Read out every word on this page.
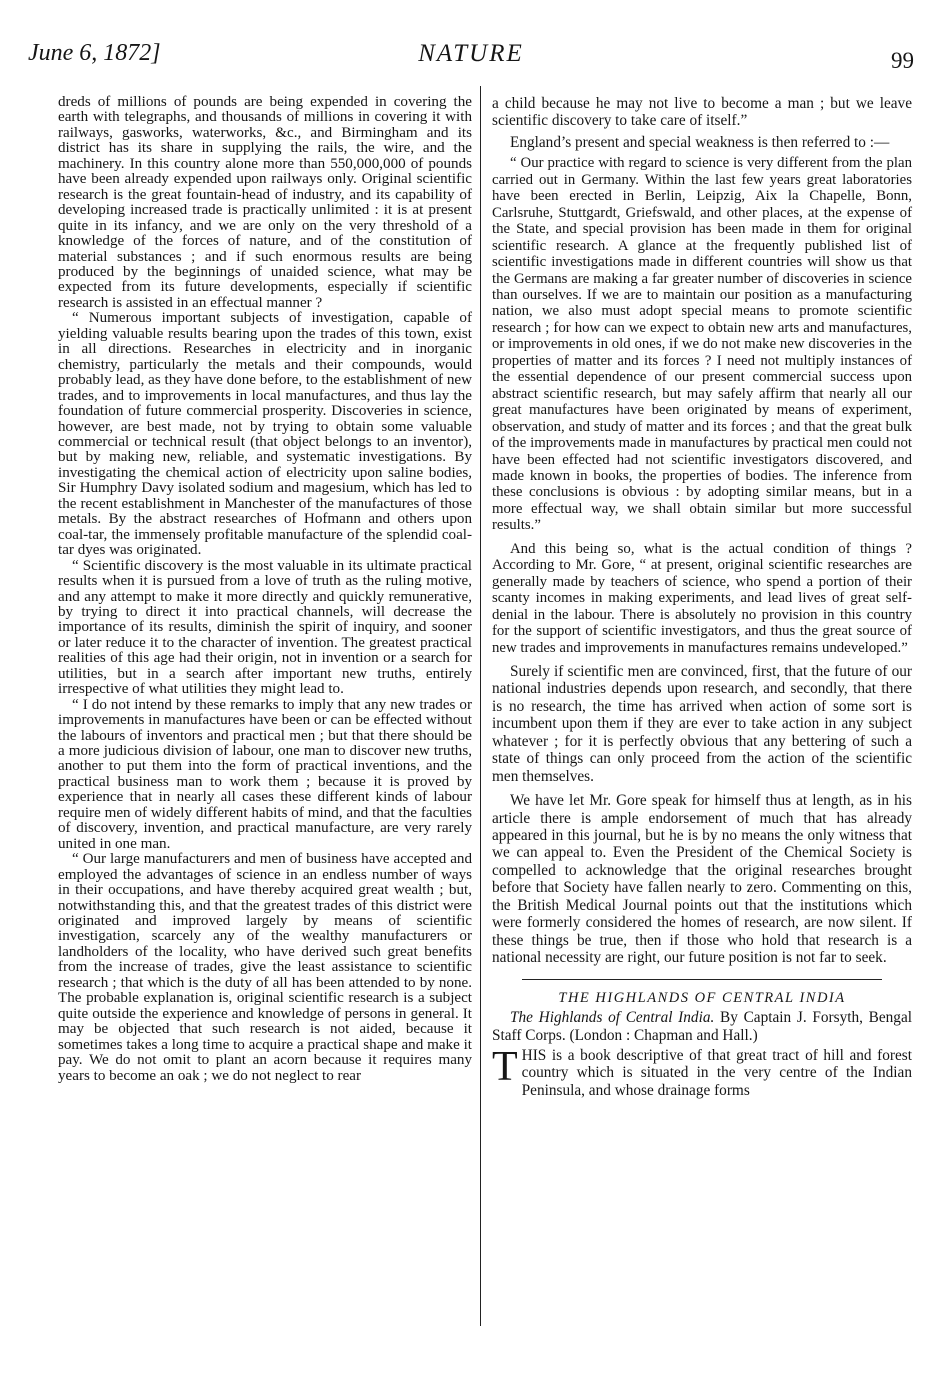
June 6, 1872]	NATURE	99

dreds of millions of pounds are being expended in covering the earth with telegraphs, and thousands of millions in covering it with railways, gasworks, waterworks, &c., and Birmingham and its district has its share in supplying the rails, the wire, and the machinery. In this country alone more than 550,000,000 of pounds have been already expended upon railways only. Original scientific research is the great fountain-head of industry, and its capability of developing increased trade is practically unlimited : it is at present quite in its infancy, and we are only on the very threshold of a knowledge of the forces of nature, and of the constitution of material substances ; and if such enormous results are being produced by the beginnings of unaided science, what may be expected from its future developments, especially if scientific research is assisted in an effectual manner ?

“ Numerous important subjects of investigation, capable of yielding valuable results bearing upon the trades of this town, exist in all directions. Researches in electricity and in inorganic chemistry, particularly the metals and their compounds, would probably lead, as they have done before, to the establishment of new trades, and to improvements in local manufactures, and thus lay the foundation of future commercial prosperity. Discoveries in science, however, are best made, not by trying to obtain some valuable commercial or technical result (that object belongs to an inventor), but by making new, reliable, and systematic investigations. By investigating the chemical action of electricity upon saline bodies, Sir Humphry Davy isolated sodium and magesium, which has led to the recent establishment in Manchester of the manufactures of those metals. By the abstract researches of Hofmann and others upon coal-tar, the immensely profitable manufacture of the splendid coal-tar dyes was originated.

“ Scientific discovery is the most valuable in its ultimate practical results when it is pursued from a love of truth as the ruling motive, and any attempt to make it more directly and quickly remunerative, by trying to direct it into practical channels, will decrease the importance of its results, diminish the spirit of inquiry, and sooner or later reduce it to the character of invention. The greatest practical realities of this age had their origin, not in invention or a search for utilities, but in a search after important new truths, entirely irrespective of what utilities they might lead to.

“ I do not intend by these remarks to imply that any new trades or improvements in manufactures have been or can be effected without the labours of inventors and practical men ; but that there should be a more judicious division of labour, one man to discover new truths, another to put them into the form of practical inventions, and the practical business man to work them ; because it is proved by experience that in nearly all cases these different kinds of labour require men of widely different habits of mind, and that the faculties of discovery, invention, and practical manufacture, are very rarely united in one man.

“ Our large manufacturers and men of business have accepted and employed the advantages of science in an endless number of ways in their occupations, and have thereby acquired great wealth ; but, notwithstanding this, and that the greatest trades of this district were originated and improved largely by means of scientific investigation, scarcely any of the wealthy manufacturers or landholders of the locality, who have derived such great benefits from the increase of trades, give the least assistance to scientific research ; that which is the duty of all has been attended to by none. The probable explanation is, original scientific research is a subject quite outside the experience and knowledge of persons in general. It may be objected that such research is not aided, because it sometimes takes a long time to acquire a practical shape and make it pay. We do not omit to plant an acorn because it requires many years to become an oak ; we do not neglect to rear

a child because he may not live to become a man ; but we leave scientific discovery to take care of itself.”

England’s present and special weakness is then referred to :—

“ Our practice with regard to science is very different from the plan carried out in Germany. Within the last few years great laboratories have been erected in Berlin, Leipzig, Aix la Chapelle, Bonn, Carlsruhe, Stuttgardt, Griefswald, and other places, at the expense of the State, and special provision has been made in them for original scientific research. A glance at the frequently published list of scientific investigations made in different countries will show us that the Germans are making a far greater number of discoveries in science than ourselves. If we are to maintain our position as a manufacturing nation, we also must adopt special means to promote scientific research ; for how can we expect to obtain new arts and manufactures, or improvements in old ones, if we do not make new discoveries in the properties of matter and its forces ? I need not multiply instances of the essential dependence of our present commercial success upon abstract scientific research, but may safely affirm that nearly all our great manufactures have been originated by means of experiment, observation, and study of matter and its forces ; and that the great bulk of the improvements made in manufactures by practical men could not have been effected had not scientific investigators discovered, and made known in books, the properties of bodies. The inference from these conclusions is obvious : by adopting similar means, but in a more effectual way, we shall obtain similar but more successful results.”

And this being so, what is the actual condition of things ? According to Mr. Gore, “ at present, original scientific researches are generally made by teachers of science, who spend a portion of their scanty incomes in making experiments, and lead lives of great self-denial in the labour. There is absolutely no provision in this country for the support of scientific investigators, and thus the great source of new trades and improvements in manufactures remains undeveloped.”

Surely if scientific men are convinced, first, that the future of our national industries depends upon research, and secondly, that there is no research, the time has arrived when action of some sort is incumbent upon them if they are ever to take action in any subject whatever ; for it is perfectly obvious that any bettering of such a state of things can only proceed from the action of the scientific men themselves.

We have let Mr. Gore speak for himself thus at length, as in his article there is ample endorsement of much that has already appeared in this journal, but he is by no means the only witness that we can appeal to. Even the President of the Chemical Society is compelled to acknowledge that the original researches brought before that Society have fallen nearly to zero. Commenting on this, the British Medical Journal points out that the institutions which were formerly considered the homes of research, are now silent. If these things be true, then if those who hold that research is a national necessity are right, our future position is not far to seek.

THE HIGHLANDS OF CENTRAL INDIA

The Highlands of Central India. By Captain J. Forsyth, Bengal Staff Corps. (London : Chapman and Hall.)

THIS is a book descriptive of that great tract of hill and forest country which is situated in the very centre of the Indian Peninsula, and whose drainage forms
